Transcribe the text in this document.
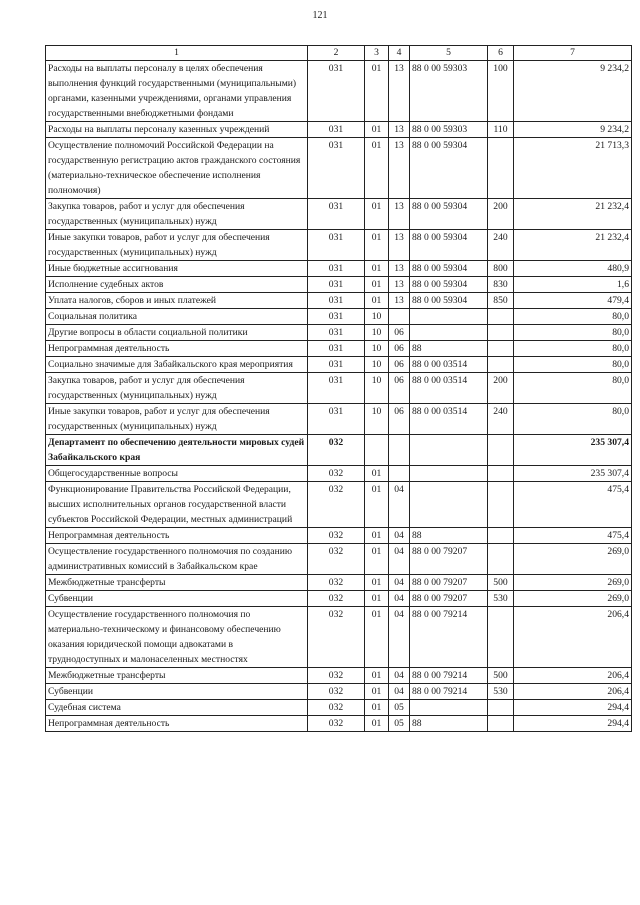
121
1	2	3	4	5	6	7
Расходы на выплаты персоналу в целях обеспечения выполнения функций государственными (муниципальными) органами, казенными учреждениями, органами управления государственными внебюджетными фондами	031	01	13	88 0 00 59303	100	9 234,2
Расходы на выплаты персоналу казенных учреждений	031	01	13	88 0 00 59303	110	9 234,2
Осуществление полномочий Российской Федерации на государственную регистрацию актов гражданского состояния (материально-техническое обеспечение исполнения полномочия)	031	01	13	88 0 00 59304		21 713,3
Закупка товаров, работ и услуг для обеспечения государственных (муниципальных) нужд	031	01	13	88 0 00 59304	200	21 232,4
Иные закупки товаров, работ и услуг для обеспечения государственных (муниципальных) нужд	031	01	13	88 0 00 59304	240	21 232,4
Иные бюджетные ассигнования	031	01	13	88 0 00 59304	800	480,9
Исполнение судебных актов	031	01	13	88 0 00 59304	830	1,6
Уплата налогов, сборов и иных платежей	031	01	13	88 0 00 59304	850	479,4
Социальная политика	031	10				80,0
Другие вопросы в области социальной политики	031	10	06			80,0
Непрограммная деятельность	031	10	06	88		80,0
Социально значимые для Забайкальского края мероприятия	031	10	06	88 0 00 03514		80,0
Закупка товаров, работ и услуг для обеспечения государственных (муниципальных) нужд	031	10	06	88 0 00 03514	200	80,0
Иные закупки товаров, работ и услуг для обеспечения государственных (муниципальных) нужд	031	10	06	88 0 00 03514	240	80,0
Департамент по обеспечению деятельности мировых судей Забайкальского края	032					235 307,4
Общегосударственные вопросы	032	01				235 307,4
Функционирование Правительства Российской Федерации, высших исполнительных органов государственной власти субъектов Российской Федерации, местных администраций	032	01	04			475,4
Непрограммная деятельность	032	01	04	88		475,4
Осуществление государственного полномочия по созданию административных комиссий в Забайкальском крае	032	01	04	88 0 00 79207		269,0
Межбюджетные трансферты	032	01	04	88 0 00 79207	500	269,0
Субвенции	032	01	04	88 0 00 79207	530	269,0
Осуществление государственного полномочия по материально-техническому и финансовому обеспечению оказания юридической помощи адвокатами в труднодоступных и малонаселенных местностях	032	01	04	88 0 00 79214		206,4
Межбюджетные трансферты	032	01	04	88 0 00 79214	500	206,4
Субвенции	032	01	04	88 0 00 79214	530	206,4
Судебная система	032	01	05			294,4
Непрограммная деятельность	032	01	05	88		294,4
